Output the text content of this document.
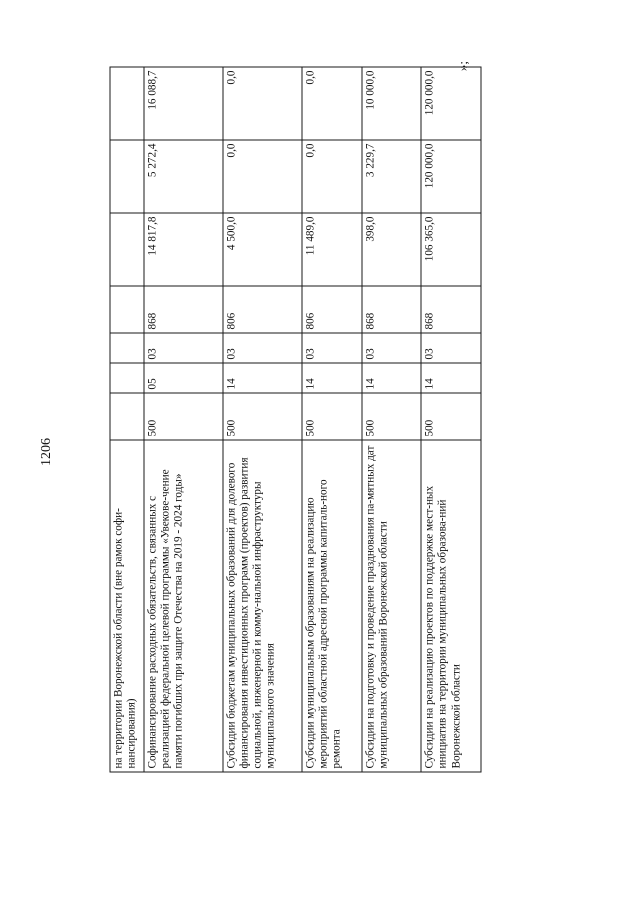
1206
на территории Воронежской области (вне рамок софи-нансирования)							
Софинансирование расходных обязательств, связанных с реализацией федеральной целевой программы «Увекове-чение памяти погибших при защите Отечества на 2019 - 2024 годы»	500	05	03	868	14 817,8	5 272,4	16 088,7
Субсидии бюджетам муниципальных образований для долевого финансирования инвестиционных программ (проектов) развития социальной, инженерной и комму-нальной инфраструктуры муниципального значения	500	14	03	806	4 500,0	0,0	0,0
Субсидии муниципальным образованиям на реализацию мероприятий областной адресной программы капиталь-ного ремонта	500	14	03	806	11 489,0	0,0	0,0
Субсидии на подготовку и проведение празднования па-мятных дат муниципальных образований Воронежской области	500	14	03	868	398,0	3 229,7	10 000,0
Субсидии на реализацию проектов по поддержке мест-ных инициатив на территории муниципальных образова-ний Воронежской области	500	14	03	868	106 365,0	120 000,0	120 000,0
»;
